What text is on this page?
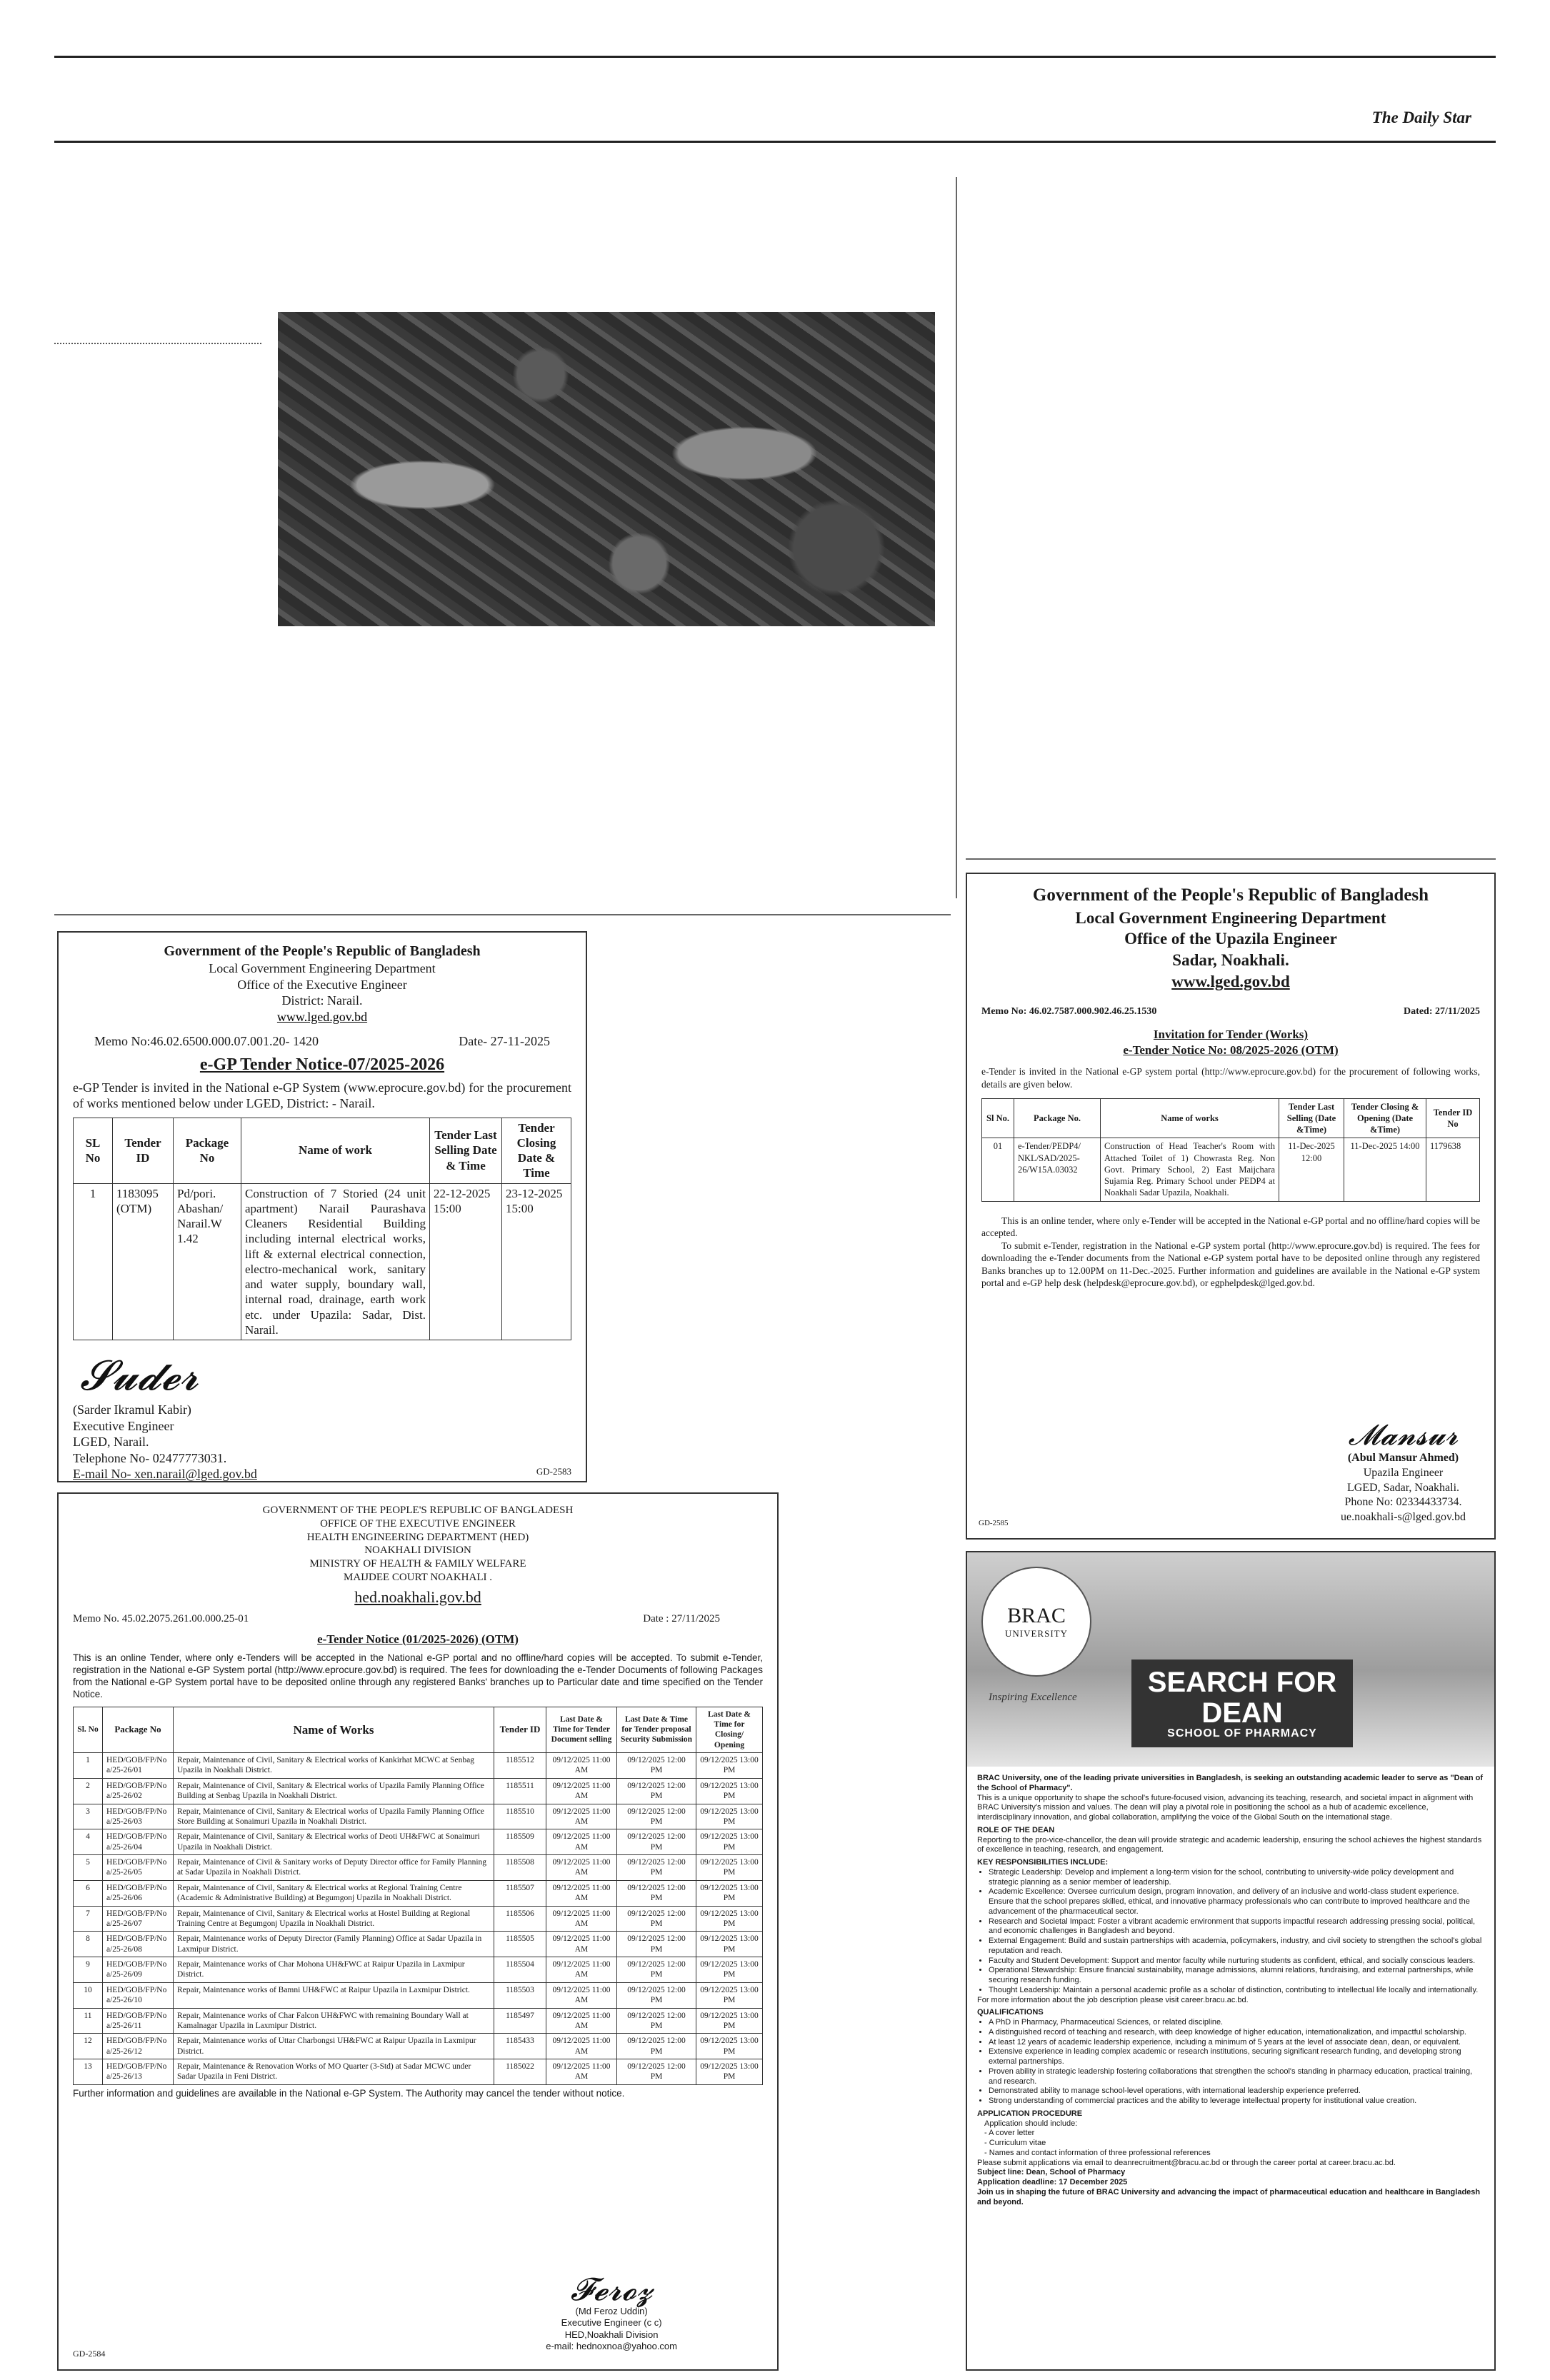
The Daily Star
Government of the People's Republic of Bangladesh
Local Government Engineering Department
Office of the Executive Engineer
District: Narail.
www.lged.gov.bd
Memo No:46.02.6500.000.07.001.20- 1420	Date- 27-11-2025
e-GP Tender Notice-07/2025-2026
e-GP Tender is invited in the National e-GP System (www.eprocure.gov.bd) for the procurement of works mentioned below under LGED, District: - Narail.
SL No	Tender ID	Package No	Name of work	Tender Last Selling Date & Time	Tender Closing Date & Time
1	1183095 (OTM)	Pd/pori. Abashan/ Narail.W 1.42	Construction of 7 Storied (24 unit apartment) Narail Paurashava Cleaners Residential Building including internal electrical works, lift & external electrical connection, electro-mechanical work, sanitary and water supply, boundary wall, internal road, drainage, earth work etc. under Upazila: Sadar, Dist. Narail.	22-12-2025 15:00	23-12-2025 15:00
𝓢𝓾𝓭𝓮𝓻
(Sarder Ikramul Kabir)
Executive Engineer
LGED, Narail.
Telephone No- 02477773031.
E-mail No- xen.narail@lged.gov.bd	GD-2583
GOVERNMENT OF THE PEOPLE'S REPUBLIC OF BANGLADESH
OFFICE OF THE EXECUTIVE ENGINEER
HEALTH ENGINEERING DEPARTMENT (HED)
NOAKHALI DIVISION
MINISTRY OF HEALTH & FAMILY WELFARE
MAIJDEE COURT NOAKHALI .
hed.noakhali.gov.bd
Memo No. 45.02.2075.261.00.000.25-01	Date : 27/11/2025
e-Tender Notice (01/2025-2026) (OTM)
This is an online Tender, where only e-Tenders will be accepted in the National e-GP portal and no offline/hard copies will be accepted. To submit e-Tender, registration in the National e-GP System portal (http://www.eprocure.gov.bd) is required. The fees for downloading the e-Tender Documents of following Packages from the National e-GP System portal have to be deposited online through any registered Banks' branches up to Particular date and time specified on the Tender Notice.
Sl. No	Package No	Name of Works	Tender ID	Last Date & Time for Tender Document selling	Last Date & Time for Tender proposal Security Submission	Last Date & Time for Closing/ Opening
1	HED/GOB/FP/No a/25-26/01	Repair, Maintenance of Civil, Sanitary & Electrical works of Kankirhat MCWC at Senbag Upazila in Noakhali District.	1185512	09/12/2025 11:00 AM	09/12/2025 12:00 PM	09/12/2025 13:00 PM
2	HED/GOB/FP/No a/25-26/02	Repair, Maintenance of Civil, Sanitary & Electrical works of Upazila Family Planning Office Building at Senbag Upazila in Noakhali District.	1185511	09/12/2025 11:00 AM	09/12/2025 12:00 PM	09/12/2025 13:00 PM
3	HED/GOB/FP/No a/25-26/03	Repair, Maintenance of Civil, Sanitary & Electrical works of Upazila Family Planning Office Store Building at Sonaimuri Upazila in Noakhali District.	1185510	09/12/2025 11:00 AM	09/12/2025 12:00 PM	09/12/2025 13:00 PM
4	HED/GOB/FP/No a/25-26/04	Repair, Maintenance of Civil, Sanitary & Electrical works of Deoti UH&FWC at Sonaimuri Upazila in Noakhali District.	1185509	09/12/2025 11:00 AM	09/12/2025 12:00 PM	09/12/2025 13:00 PM
5	HED/GOB/FP/No a/25-26/05	Repair, Maintenance of Civil & Sanitary works of Deputy Director office for Family Planning at Sadar Upazila in Noakhali District.	1185508	09/12/2025 11:00 AM	09/12/2025 12:00 PM	09/12/2025 13:00 PM
6	HED/GOB/FP/No a/25-26/06	Repair, Maintenance of Civil, Sanitary & Electrical works at Regional Training Centre (Academic & Administrative Building) at Begumgonj Upazila in Noakhali District.	1185507	09/12/2025 11:00 AM	09/12/2025 12:00 PM	09/12/2025 13:00 PM
7	HED/GOB/FP/No a/25-26/07	Repair, Maintenance of Civil, Sanitary & Electrical works at Hostel Building at Regional Training Centre at Begumgonj Upazila in Noakhali District.	1185506	09/12/2025 11:00 AM	09/12/2025 12:00 PM	09/12/2025 13:00 PM
8	HED/GOB/FP/No a/25-26/08	Repair, Maintenance works of Deputy Director (Family Planning) Office at Sadar Upazila in Laxmipur District.	1185505	09/12/2025 11:00 AM	09/12/2025 12:00 PM	09/12/2025 13:00 PM
9	HED/GOB/FP/No a/25-26/09	Repair, Maintenance works of Char Mohona UH&FWC at Raipur Upazila in Laxmipur District.	1185504	09/12/2025 11:00 AM	09/12/2025 12:00 PM	09/12/2025 13:00 PM
10	HED/GOB/FP/No a/25-26/10	Repair, Maintenance works of Bamni UH&FWC at Raipur Upazila in Laxmipur District.	1185503	09/12/2025 11:00 AM	09/12/2025 12:00 PM	09/12/2025 13:00 PM
11	HED/GOB/FP/No a/25-26/11	Repair, Maintenance works of Char Falcon UH&FWC with remaining Boundary Wall at Kamalnagar Upazila in Laxmipur District.	1185497	09/12/2025 11:00 AM	09/12/2025 12:00 PM	09/12/2025 13:00 PM
12	HED/GOB/FP/No a/25-26/12	Repair, Maintenance works of Uttar Charbongsi UH&FWC at Raipur Upazila in Laxmipur District.	1185433	09/12/2025 11:00 AM	09/12/2025 12:00 PM	09/12/2025 13:00 PM
13	HED/GOB/FP/No a/25-26/13	Repair, Maintenance & Renovation Works of MO Quarter (3-Std) at Sadar MCWC under Sadar Upazila in Feni District.	1185022	09/12/2025 11:00 AM	09/12/2025 12:00 PM	09/12/2025 13:00 PM
Further information and guidelines are available in the National e-GP System. The Authority may cancel the tender without notice.
𝓕𝓮𝓻𝓸𝔃
(Md Feroz Uddin)
Executive Engineer (c c)
HED,Noakhali Division
e-mail: hednoxnoa@yahoo.com
GD-2584
Government of the People's Republic of Bangladesh
Local Government Engineering Department
Office of the Upazila Engineer
Sadar, Noakhali.
www.lged.gov.bd
Memo No: 46.02.7587.000.902.46.25.1530	Dated: 27/11/2025
Invitation for Tender (Works)
e-Tender Notice No: 08/2025-2026 (OTM)
e-Tender is invited in the National e-GP system portal (http://www.eprocure.gov.bd) for the procurement of following works, details are given below.
Sl No.	Package No.	Name of works	Tender Last Selling (Date &Time)	Tender Closing & Opening (Date &Time)	Tender ID No
01	e-Tender/PEDP4/ NKL/SAD/2025-26/W15A.03032	Construction of Head Teacher's Room with Attached Toilet of 1) Chowrasta Reg. Non Govt. Primary School, 2) East Maijchara Sujamia Reg. Primary School under PEDP4 at Noakhali Sadar Upazila, Noakhali.	11-Dec-2025 12:00	11-Dec-2025 14:00	1179638
This is an online tender, where only e-Tender will be accepted in the National e-GP portal and no offline/hard copies will be accepted.
To submit e-Tender, registration in the National e-GP system portal (http://www.eprocure.gov.bd) is required. The fees for downloading the e-Tender documents from the National e-GP system portal have to be deposited online through any registered Banks branches up to 12.00PM on 11-Dec.-2025. Further information and guidelines are available in the National e-GP system portal and e-GP help desk (helpdesk@eprocure.gov.bd), or egphelpdesk@lged.gov.bd.
𝓜𝓪𝓷𝓼𝓾𝓻
(Abul Mansur Ahmed)
Upazila Engineer
LGED, Sadar, Noakhali.
Phone No: 02334433734.
ue.noakhali-s@lged.gov.bd
GD-2585
BRAC
UNIVERSITY
Inspiring Excellence	SEARCH FOR
DEAN
SCHOOL OF PHARMACY
BRAC University, one of the leading private universities in Bangladesh, is seeking an outstanding academic leader to serve as "Dean of the School of Pharmacy".
This is a unique opportunity to shape the school's future-focused vision, advancing its teaching, research, and societal impact in alignment with BRAC University's mission and values. The dean will play a pivotal role in positioning the school as a hub of academic excellence, interdisciplinary innovation, and global collaboration, amplifying the voice of the Global South on the international stage.
ROLE OF THE DEAN
Reporting to the pro-vice-chancellor, the dean will provide strategic and academic leadership, ensuring the school achieves the highest standards of excellence in teaching, research, and engagement.
KEY RESPONSIBILITIES INCLUDE:
• Strategic Leadership: Develop and implement a long-term vision for the school, contributing to university-wide policy development and strategic planning as a senior member of leadership.
• Academic Excellence: Oversee curriculum design, program innovation, and delivery of an inclusive and world-class student experience. Ensure that the school prepares skilled, ethical, and innovative pharmacy professionals who can contribute to improved healthcare and the advancement of the pharmaceutical sector.
• Research and Societal Impact: Foster a vibrant academic environment that supports impactful research addressing pressing social, political, and economic challenges in Bangladesh and beyond.
• External Engagement: Build and sustain partnerships with academia, policymakers, industry, and civil society to strengthen the school's global reputation and reach.
• Faculty and Student Development: Support and mentor faculty while nurturing students as confident, ethical, and socially conscious leaders.
• Operational Stewardship: Ensure financial sustainability, manage admissions, alumni relations, fundraising, and external partnerships, while securing research funding.
• Thought Leadership: Maintain a personal academic profile as a scholar of distinction, contributing to intellectual life locally and internationally.
For more information about the job description please visit career.bracu.ac.bd.
QUALIFICATIONS
• A PhD in Pharmacy, Pharmaceutical Sciences, or related discipline.
• A distinguished record of teaching and research, with deep knowledge of higher education, internationalization, and impactful scholarship.
• At least 12 years of academic leadership experience, including a minimum of 5 years at the level of associate dean, dean, or equivalent.
• Extensive experience in leading complex academic or research institutions, securing significant research funding, and developing strong external partnerships.
• Proven ability in strategic leadership fostering collaborations that strengthen the school's standing in pharmacy education, practical training, and research.
• Demonstrated ability to manage school-level operations, with international leadership experience preferred.
• Strong understanding of commercial practices and the ability to leverage intellectual property for institutional value creation.
APPLICATION PROCEDURE
Application should include:
- A cover letter
- Curriculum vitae
- Names and contact information of three professional references
Please submit applications via email to deanrecruitment@bracu.ac.bd or through the career portal at career.bracu.ac.bd.
Subject line: Dean, School of Pharmacy
Application deadline: 17 December 2025
Join us in shaping the future of BRAC University and advancing the impact of pharmaceutical education and healthcare in Bangladesh and beyond.
